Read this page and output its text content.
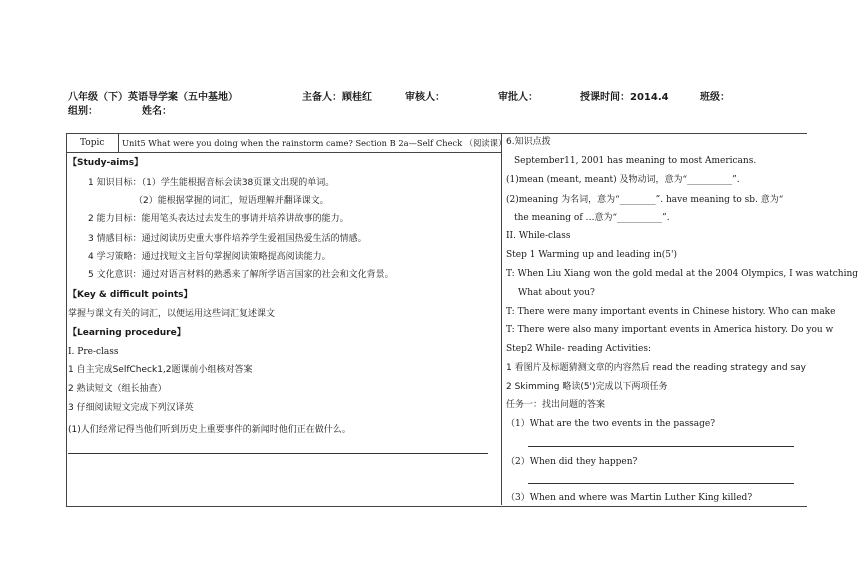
八年级（下）英语导学案（五中基地）	主备人：顾桂红	审核人：	审批人：	授课时间：2014.4	班级：
组别：	姓名：
Topic Unit5 What were you doing when the rainstorm came? Section B 2a—Self Check （阅读课）
【Study-aims】
1 知识目标：（1）学生能根据音标会读38页课文出现的单词。
（2）能根据掌握的词汇，短语理解并翻译课文。
2 能力目标：能用笔头表达过去发生的事请并培养讲故事的能力。
3 情感目标：通过阅读历史重大事件培养学生爱祖国热爱生活的情感。
4 学习策略：通过找短文主旨句掌握阅读策略提高阅读能力。
5 文化意识：通过对语言材料的熟悉来了解所学语言国家的社会和文化背景。
【Key & difficult points】
掌握与课文有关的词汇，以便运用这些词汇复述课文
【Learning procedure】
I. Pre-class
1 自主完成SelfCheck1,2题课前小组核对答案
2 熟读短文（组长抽查）
3 仔细阅读短文完成下列汉译英
(1)人们经常记得当他们听到历史上重要事件的新闻时他们正在做什么。
6.知识点拨
September11, 2001 has meaning to most Americans.
(1)mean (meant, meant) 及物动词，意为“__________”.
(2)meaning 为名词，意为“________”. have meaning to sb. 意为“
the meaning of …意为“__________”.
II. While-class
Step 1 Warming up and leading in(5')
T: When Liu Xiang won the gold medal at the 2004 Olympics, I was watching
What about you?
T: There were many important events in Chinese history. Who can make
T: There were also many important events in America history. Do you w
Step2 While- reading Activities:
1 看图片及标题猜测文章的内容然后 read the reading strategy and say
2 Skimming 略读(5')完成以下两项任务
任务一：找出问题的答案
（1）What are the two events in the passage?
（2）When did they happen?
（3）When and where was Martin Luther King killed?
